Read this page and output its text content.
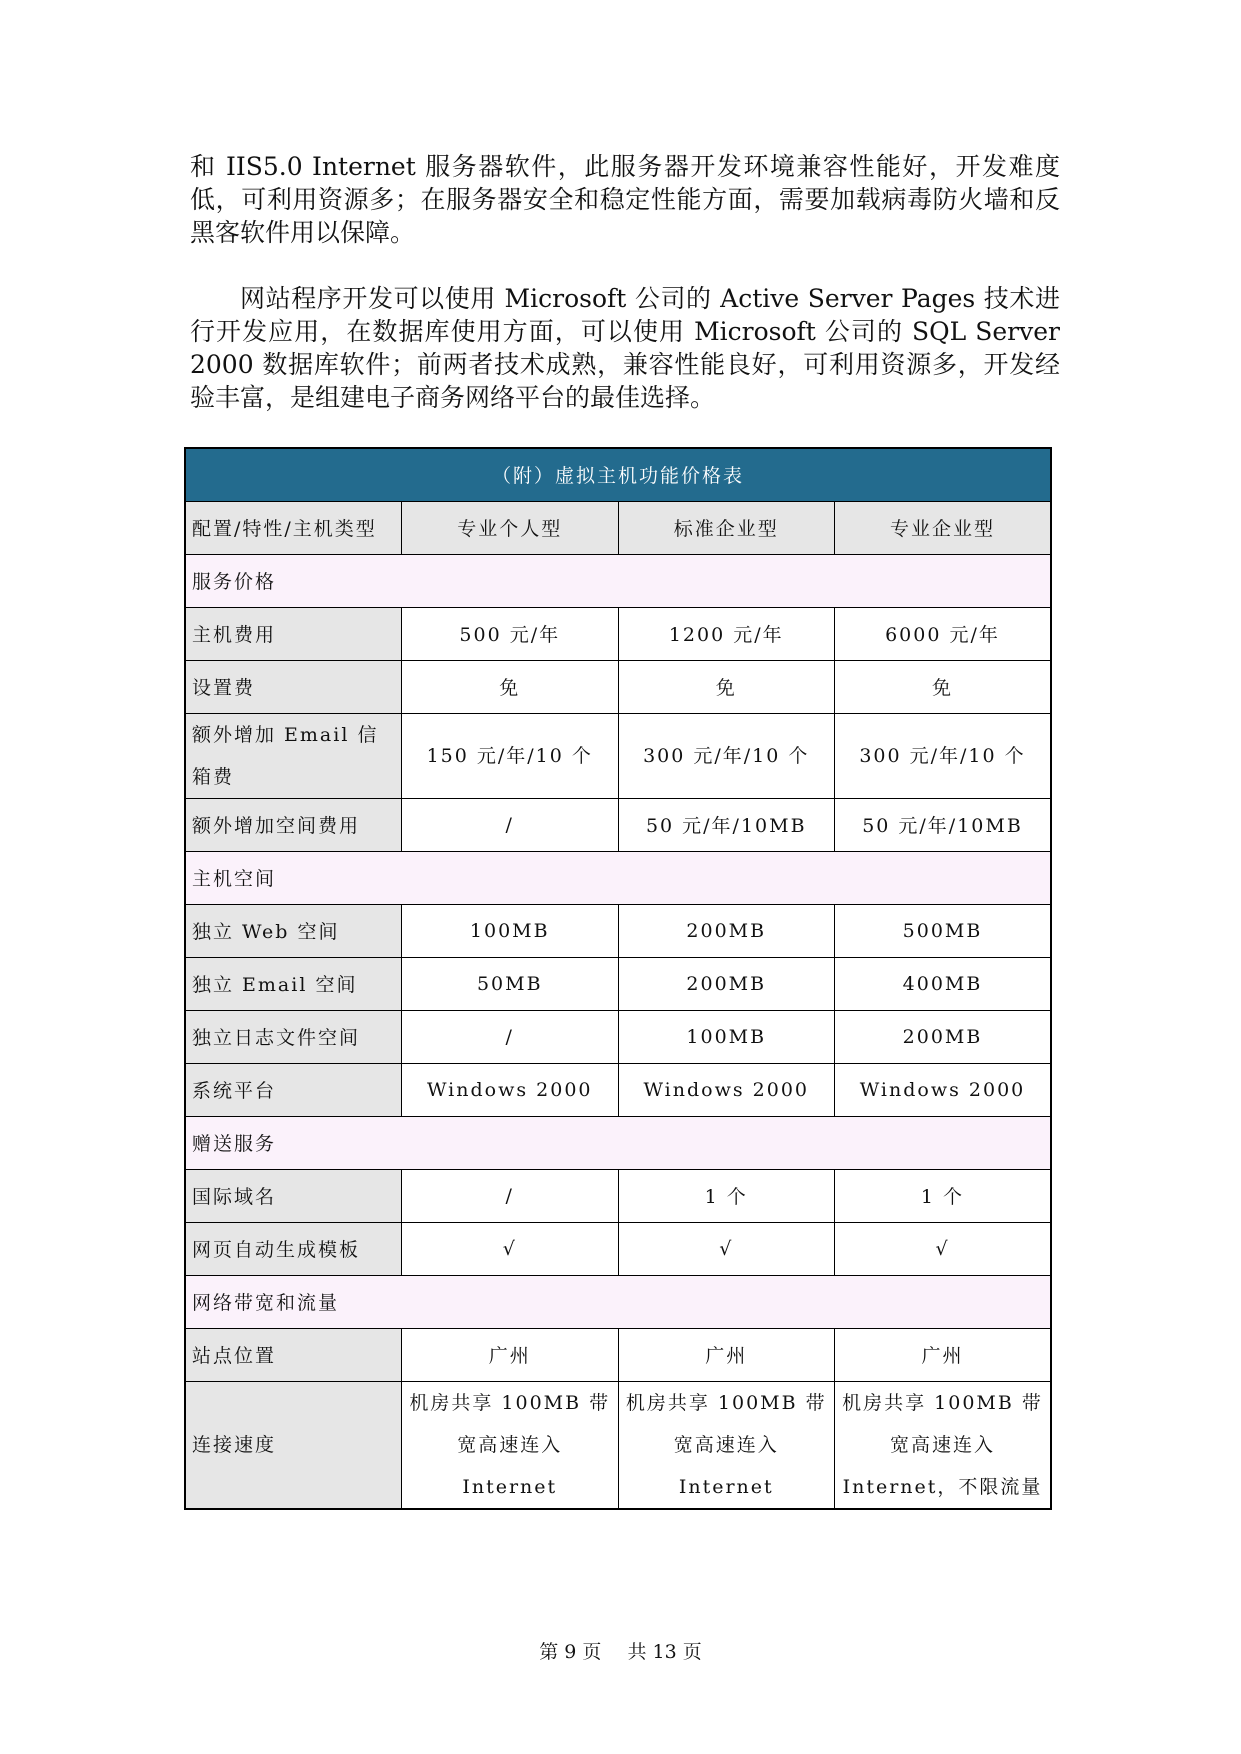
和 IIS5.0 Internet 服务器软件，此服务器开发环境兼容性能好，开发难度低，可利用资源多；在服务器安全和稳定性能方面，需要加载病毒防火墙和反黑客软件用以保障。

网站程序开发可以使用 Microsoft 公司的 Active Server Pages 技术进行开发应用，在数据库使用方面，可以使用 Microsoft 公司的 SQL Server 2000 数据库软件；前两者技术成熟，兼容性能良好，可利用资源多，开发经验丰富，是组建电子商务网络平台的最佳选择。

（附）虚拟主机功能价格表			
配置/特性/主机类型	专业个人型	标准企业型	专业企业型
服务价格			
主机费用	500 元/年	1200 元/年	6000 元/年
设置费	免	免	免
额外增加 Email 信箱费	150 元/年/10 个	300 元/年/10 个	300 元/年/10 个
额外增加空间费用	/	50 元/年/10MB	50 元/年/10MB
主机空间			
独立 Web 空间	100MB	200MB	500MB
独立 Email 空间	50MB	200MB	400MB
独立日志文件空间	/	100MB	200MB
系统平台	Windows 2000	Windows 2000	Windows 2000
赠送服务			
国际域名	/	1 个	1 个
网页自动生成模板	√	√	√
网络带宽和流量			
站点位置	广州	广州	广州
连接速度	机房共享 100MB 带宽高速连入 Internet	机房共享 100MB 带宽高速连入 Internet	机房共享 100MB 带宽高速连入 Internet，不限流量
第 9 页 共 13 页
